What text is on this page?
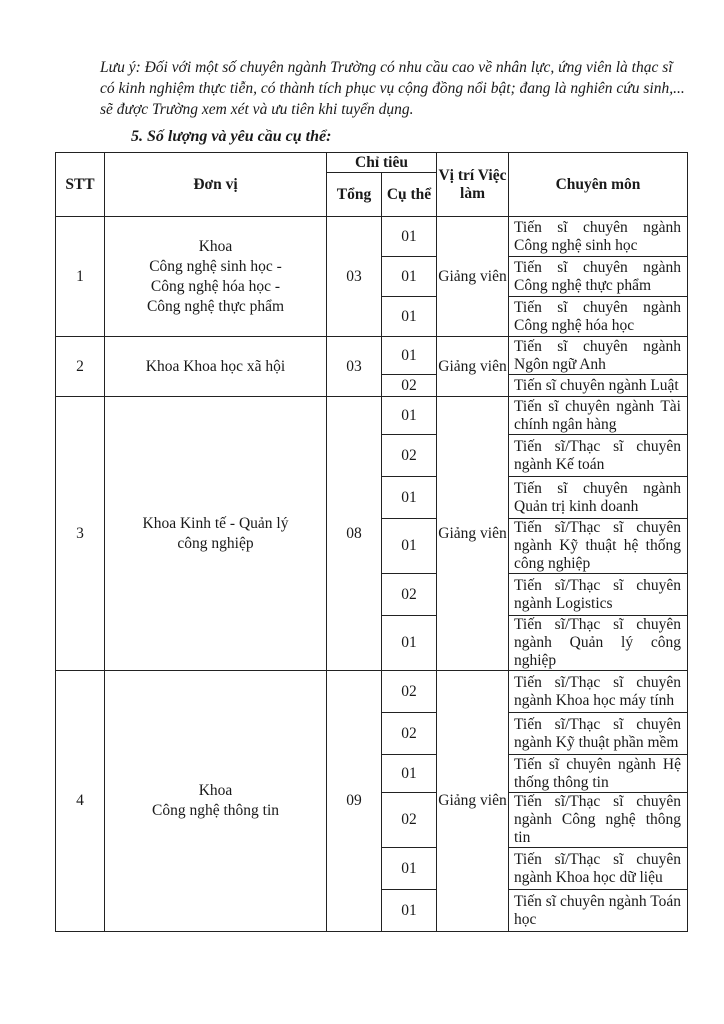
Lưu ý: Đối với một số chuyên ngành Trường có nhu cầu cao về nhân lực, ứng viên là thạc sĩ có kinh nghiệm thực tiễn, có thành tích phục vụ cộng đồng nổi bật; đang là nghiên cứu sinh,... sẽ được Trường xem xét và ưu tiên khi tuyển dụng.
5. Số lượng và yêu cầu cụ thể:
STT	Đơn vị	Chỉ tiêu		Vị trí Việc làm	Chuyên môn
		Tổng	Cụ thể		
1	Khoa
Công nghệ sinh học -
Công nghệ hóa học -
Công nghệ thực phẩm	03	01	Giảng viên	Tiến sĩ chuyên ngành Công nghệ sinh học
			01		Tiến sĩ chuyên ngành Công nghệ thực phẩm
			01		Tiến sĩ chuyên ngành Công nghệ hóa học
2	Khoa Khoa học xã hội	03	01	Giảng viên	Tiến sĩ chuyên ngành Ngôn ngữ Anh
			02		Tiến sĩ chuyên ngành Luật
3	Khoa Kinh tế - Quản lý
công nghiệp	08	01	Giảng viên	Tiến sĩ chuyên ngành Tài chính ngân hàng
			02		Tiến sĩ/Thạc sĩ chuyên ngành Kế toán
			01		Tiến sĩ chuyên ngành Quản trị kinh doanh
			01		Tiến sĩ/Thạc sĩ chuyên ngành Kỹ thuật hệ thống công nghiệp
			02		Tiến sĩ/Thạc sĩ chuyên ngành Logistics
			01		Tiến sĩ/Thạc sĩ chuyên ngành Quản lý công nghiệp
4	Khoa
Công nghệ thông tin	09	02	Giảng viên	Tiến sĩ/Thạc sĩ chuyên ngành Khoa học máy tính
			02		Tiến sĩ/Thạc sĩ chuyên ngành Kỹ thuật phần mềm
			01		Tiến sĩ chuyên ngành Hệ thống thông tin
			02		Tiến sĩ/Thạc sĩ chuyên ngành Công nghệ thông tin
			01		Tiến sĩ/Thạc sĩ chuyên ngành Khoa học dữ liệu
			01		Tiến sĩ chuyên ngành Toán học
